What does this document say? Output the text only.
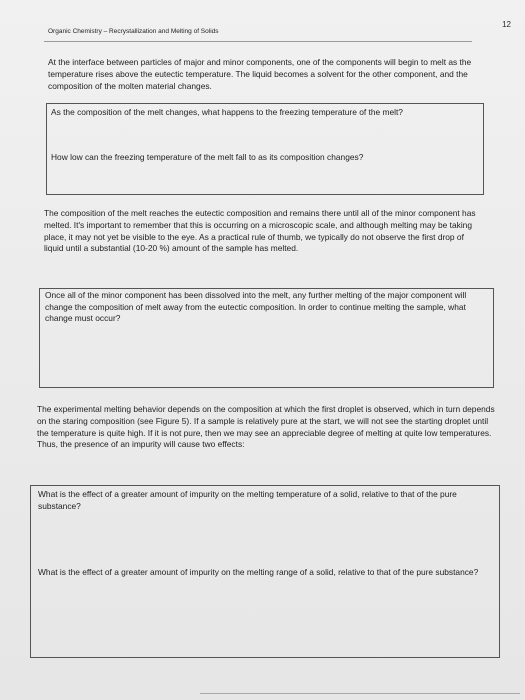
12
Organic Chemistry – Recrystallization and Melting of Solids
At the interface between particles of major and minor components, one of the components will begin to melt as the temperature rises above the eutectic temperature. The liquid becomes a solvent for the other component, and the composition of the molten material changes.
As the composition of the melt changes, what happens to the freezing temperature of the melt?
How low can the freezing temperature of the melt fall to as its composition changes?
The composition of the melt reaches the eutectic composition and remains there until all of the minor component has melted. It's important to remember that this is occurring on a microscopic scale, and although melting may be taking place, it may not yet be visible to the eye. As a practical rule of thumb, we typically do not observe the first drop of liquid until a substantial (10-20 %) amount of the sample has melted.
Once all of the minor component has been dissolved into the melt, any further melting of the major component will change the composition of melt away from the eutectic composition. In order to continue melting the sample, what change must occur?
The experimental melting behavior depends on the composition at which the first droplet is observed, which in turn depends on the staring composition (see Figure 5). If a sample is relatively pure at the start, we will not see the starting droplet until the temperature is quite high. If it is not pure, then we may see an appreciable degree of melting at quite low temperatures. Thus, the presence of an impurity will cause two effects:
What is the effect of a greater amount of impurity on the melting temperature of a solid, relative to that of the pure substance?
What is the effect of a greater amount of impurity on the melting range of a solid, relative to that of the pure substance?
